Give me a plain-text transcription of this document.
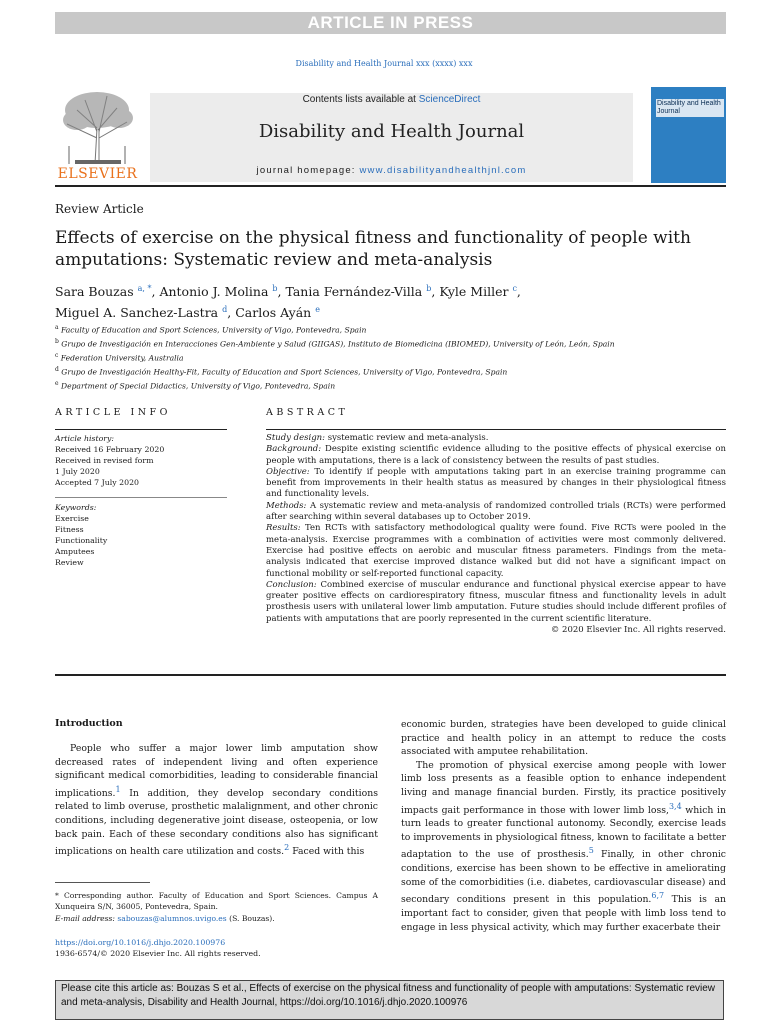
ARTICLE IN PRESS
Disability and Health Journal xxx (xxxx) xxx
ELSEVIER
Contents lists available at ScienceDirect
Disability and Health Journal
journal homepage: www.disabilityandhealthjnl.com
Disability and Health Journal
Review Article
Effects of exercise on the physical fitness and functionality of people with amputations: Systematic review and meta-analysis
Sara Bouzas $^{a, *}$, Antonio J. Molina $^b$, Tania Fernández-Villa $^b$, Kyle Miller $^c$,
Miguel A. Sanchez-Lastra $^d$, Carlos Ayán $^e$
$^a$ Faculty of Education and Sport Sciences, University of Vigo, Pontevedra, Spain
$^b$ Grupo de Investigación en Interacciones Gen-Ambiente y Salud (GIIGAS), Instituto de Biomedicina (IBIOMED), University of León, León, Spain
$^c$ Federation University, Australia
$^d$ Grupo de Investigación Healthy-Fit, Faculty of Education and Sport Sciences, University of Vigo, Pontevedra, Spain
$^e$ Department of Special Didactics, University of Vigo, Pontevedra, Spain
ARTICLE INFO	ABSTRACT
Article history:
Received 16 February 2020
Received in revised form
1 July 2020
Accepted 7 July 2020
Keywords:
Exercise
Fitness
Functionality
Amputees
Review
Study design: systematic review and meta-analysis.
Background: Despite existing scientific evidence alluding to the positive effects of physical exercise on people with amputations, there is a lack of consistency between the results of past studies.
Objective: To identify if people with amputations taking part in an exercise training programme can benefit from improvements in their health status as measured by changes in their physiological fitness and functionality levels.
Methods: A systematic review and meta-analysis of randomized controlled trials (RCTs) were performed after searching within several databases up to October 2019.
Results: Ten RCTs with satisfactory methodological quality were found. Five RCTs were pooled in the meta-analysis. Exercise programmes with a combination of activities were most commonly delivered. Exercise had positive effects on aerobic and muscular fitness parameters. Findings from the meta-analysis indicated that exercise improved distance walked but did not have a significant impact on functional mobility or self-reported functional capacity.
Conclusion: Combined exercise of muscular endurance and functional physical exercise appear to have greater positive effects on cardiorespiratory fitness, muscular fitness and functionality levels in adult prosthesis users with unilateral lower limb amputation. Future studies should include different profiles of patients with amputations that are poorly represented in the current scientific literature.
© 2020 Elsevier Inc. All rights reserved.
Introduction

People who suffer a major lower limb amputation show decreased rates of independent living and often experience significant medical comorbidities, leading to considerable financial implications.$^1$ In addition, they develop secondary conditions related to limb overuse, prosthetic malalignment, and other chronic conditions, including degenerative joint disease, osteopenia, or low back pain. Each of these secondary conditions also has significant implications on health care utilization and costs.$^2$ Faced with this

economic burden, strategies have been developed to guide clinical practice and health policy in an attempt to reduce the costs associated with amputee rehabilitation.

The promotion of physical exercise among people with lower limb loss presents as a feasible option to enhance independent living and manage financial burden. Firstly, its practice positively impacts gait performance in those with lower limb loss,$^{3,4}$ which in turn leads to greater functional autonomy. Secondly, exercise leads to improvements in physiological fitness, known to facilitate a better adaptation to the use of prosthesis.$^5$ Finally, in other chronic conditions, exercise has been shown to be effective in ameliorating some of the comorbidities (i.e. diabetes, cardiovascular disease) and secondary conditions present in this population.$^{6,7}$ This is an important fact to consider, given that people with limb loss tend to engage in less physical activity, which may further exacerbate their

* Corresponding author. Faculty of Education and Sport Sciences. Campus A Xunqueira S/N, 36005, Pontevedra, Spain.
E-mail address: sabouzas@alumnos.uvigo.es (S. Bouzas).
https://doi.org/10.1016/j.dhjo.2020.100976
1936-6574/© 2020 Elsevier Inc. All rights reserved.
Please cite this article as: Bouzas S et al., Effects of exercise on the physical fitness and functionality of people with amputations: Systematic review and meta-analysis, Disability and Health Journal, https://doi.org/10.1016/j.dhjo.2020.100976
